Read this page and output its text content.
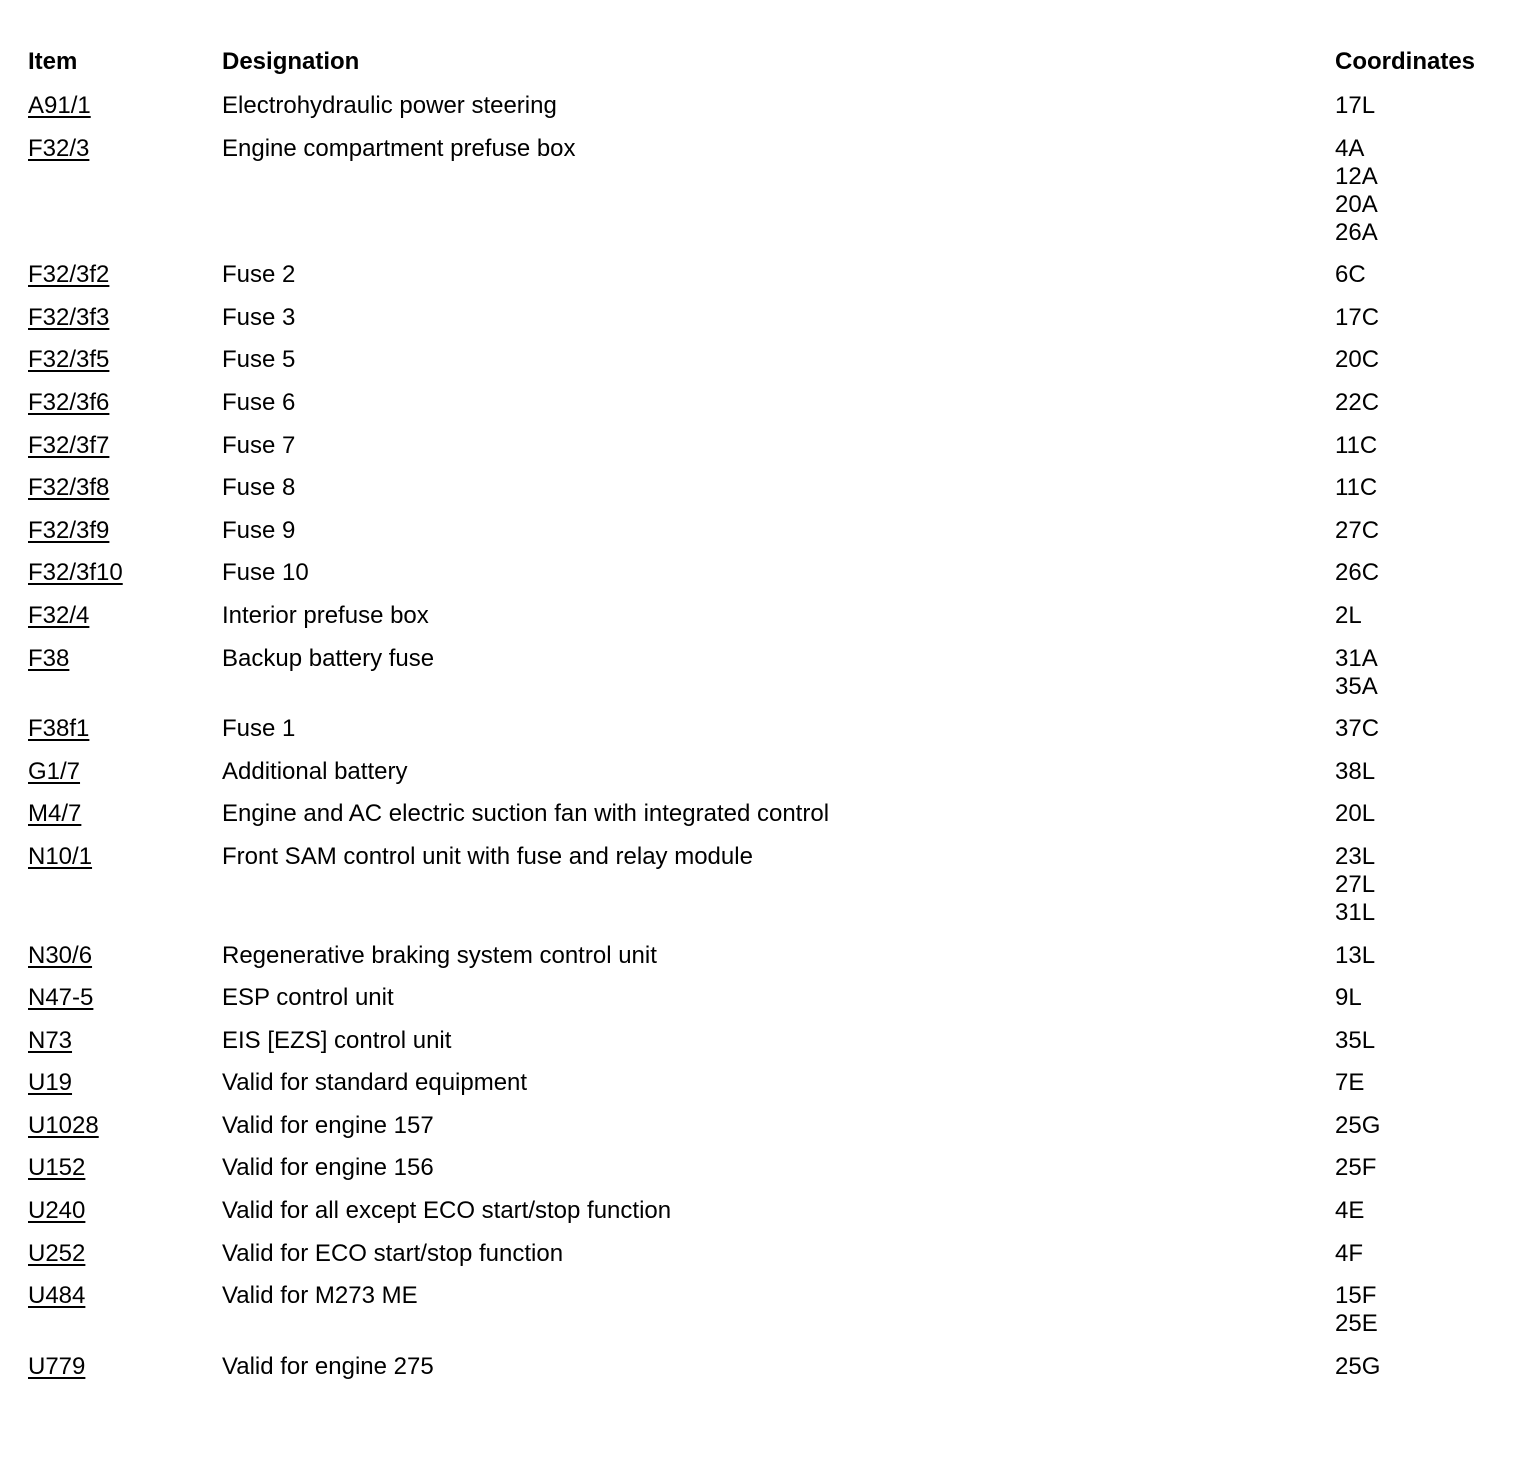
Item	Designation	Coordinates
A91/1	Electrohydraulic power steering	17L
F32/3	Engine compartment prefuse box	4A
12A
20A
26A
F32/3f2	Fuse 2	6C
F32/3f3	Fuse 3	17C
F32/3f5	Fuse 5	20C
F32/3f6	Fuse 6	22C
F32/3f7	Fuse 7	11C
F32/3f8	Fuse 8	11C
F32/3f9	Fuse 9	27C
F32/3f10	Fuse 10	26C
F32/4	Interior prefuse box	2L
F38	Backup battery fuse	31A
35A
F38f1	Fuse 1	37C
G1/7	Additional battery	38L
M4/7	Engine and AC electric suction fan with integrated control	20L
N10/1	Front SAM control unit with fuse and relay module	23L
27L
31L
N30/6	Regenerative braking system control unit	13L
N47-5	ESP control unit	9L
N73	EIS [EZS] control unit	35L
U19	Valid for standard equipment	7E
U1028	Valid for engine 157	25G
U152	Valid for engine 156	25F
U240	Valid for all except ECO start/stop function	4E
U252	Valid for ECO start/stop function	4F
U484	Valid for M273 ME	15F
25E
U779	Valid for engine 275	25G
